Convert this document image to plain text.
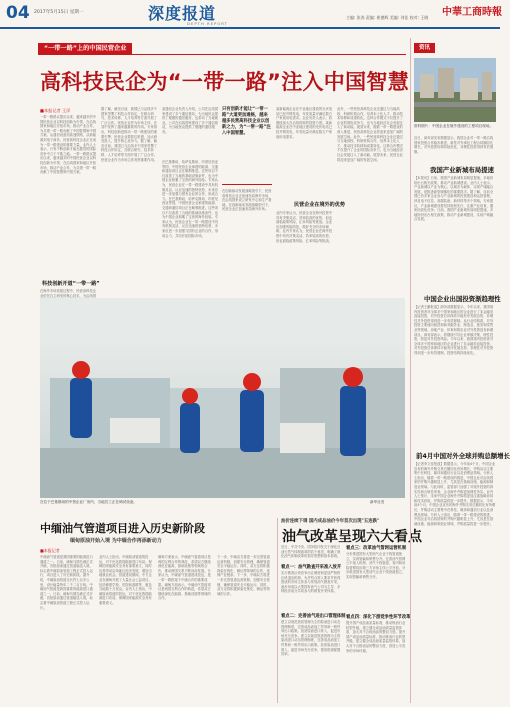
04 2017年5月15日 星期一	深度报道
DEPTH REPORT
中華工商時報
主编: 张涛 责编: 崔德辉 美编: 刘佳 校对: 王晓
“一带一路”上的中国民营企业
高科技民企为“一带一路”注入中国智慧
■本报记者 王洋
一带一路倡议提出以来，越来越多的中国民营企业以科技创新为引领，在沿线国家和地区开拓市场，推动产业合作，为共建一带一路贡献了中国智慧和中国方案。从通信设备到高速铁路，从新能源到电子商务，民营高科技企业正在成为一带一路建设的重要力量。业内人士表示，只有不断创新才能在激烈的国际竞争中立于不败之地。一带一路倡议提出以来，越来越多的中国民营企业以科技创新为引领，在沿线国家和地区开拓市场，推动产业合作，为共建一带一路贡献了中国智慧和中国方案。
科技创新开道“一带一路”
在海外市场拓展过程中，民营高科技企业依托自主研发的核心技术，为沿线国家提供高质量产品和服务，赢得了当地政府和民众的广泛认可。从通信设备到高速铁路，从新能源到电子商务，民营高科技企业正在成为一带一路建设的重要力量。业内人士表示，只有不断创新才能在激烈的国际竞争中立于不败之地。在海外市场拓展过程中，民营高科技企业依托自主研发的核心技术，为沿线国家提供高质量产品和服务，赢得了当地政府和民众的广泛认可。从通信设备到高速铁路，从新能源到电子商务，民营高科技企业正在成为重要力量。
据了解，截至目前，我国已与沿线多个国家签署了科技合作协定，在联合研究、技术转移、人才培养等方面开展了广泛合作。民营企业作为市场主体，在其中发挥了越来越重要的作用。专家指出，科技创新是推动一带一路建设的重要引擎，民营企业要抓住机遇，加大研发投入，提升核心竞争力。据了解，截至目前，我国已与沿线多个国家签署了科技合作协定，在联合研究、技术转移、人才培养等方面开展了广泛合作。民营企业作为市场主体发挥重要作用。
资金短缺和技术瓶颈曾是制约民营企业走出去的两大难题。近年来，随着丝路基金、亚投行等金融平台的设立，民营企业获得了更多融资渠道。同时，企业通过海外并购、设立研发中心等方式，不断增强技术实力。资金短缺和技术瓶颈曾是制约民营企业走出去的两大难题。近年来，随着丝路基金、亚投行等金融平台的设立，民营企业获得了更多融资渠道。同时，企业通过海外并购、设立研发中心等方式增强实力。
某通信企业负责人介绍，公司在沿线国家建设了多个通信基站，为当地民众提供了便捷的通信服务，也带动了当地就业。公司在沿线国家建设了多个通信基站，为当地民众提供了便捷的通信服务。
在巴基斯坦、哈萨克斯坦、印度尼西亚等国，中国民营企业承建的能源、交通和通信项目正在顺利推进。这些项目不仅改善了当地的基础设施条件，也为中国企业积累了宝贵的海外经验。专家认为，民营企业在一带一路建设中具有机制灵活、反应迅速的独特优势，未来应进一步加强与国有企业的合作，形成合力。在巴基斯坦、哈萨克斯坦、印度尼西亚等国，中国民营企业承建的能源、交通和通信项目正在顺利推进。这些项目不仅改善了当地的基础设施条件，也为中国企业积累了宝贵的海外经验。专家认为，民营企业在一带一路建设中具有机制灵活、反应迅速的独特优势，未来应进一步加强与国有企业的合作，形成合力，共同开拓国际市场。
只有创新才能让“一带一路”大道更加通畅，越来越多民营高科技企业以创新之力，为“一带一路”注入中国智慧。
在创新驱动发展战略指引下，民营高科技企业正加速布局海外市场，在沿线国家设立研发中心和生产基地。在创新驱动发展战略指引下，民营企业正加速布局海外市场。
某新能源企业在中亚地区建设的光伏电站已经并网发电，年发电量可满足数万户家庭用电需求。企业负责人表示，将继续加大在沿线国家的投资力度。某新能源企业在中亚地区建设的光伏电站已经并网发电，年发电量可满足数万户家庭用电需求。
民营企业在境外的优势
业内专家认为，民营企业在海外投资中具有决策灵活、效率较高的优势，但也面临政策风险、汇率风险等挑战。企业应加强风险防范，做好充分的市场调研。业内专家认为，民营企业在海外投资中具有决策灵活、效率较高的优势，但也面临政策风险、汇率风险等挑战。
此外，一些民营高科技企业还通过与当地高校、科研机构合作，培养本土化人才，推动技术转移和成果转化。这种合作模式不仅提升了企业的国际竞争力，也为当地经济社会发展注入了新动能。展望未来，随着一带一路建设的深入推进，民营高科技企业将迎来更加广阔的发展空间。此外，一些民营高科技企业还通过与当地高校、科研机构合作，培养本土化人才，推动技术转移和成果转化。这种合作模式不仅提升了企业的国际竞争力，也为当地经济社会发展注入了新动能。展望未来，民营企业将迎来更加广阔的发展空间。
在位于巴基斯坦的中资企业厂房内，当地员工正在调试设备。	新华社发
中缅油气管道项目进入历史新阶段
缅甸原油开始入境 为中缅合作再添新动力
■本报记者
中缅油气管道是我国重要的能源进口通道之一。日前，缅甸马德岛港正式开港，首批原油通过管道输送入境，标志着中缅原油管道工程正式投入运行，项目进入了历史新阶段。据介绍，中缅原油管道全长约七百多公里，设计输量每年二千二百万吨。中缅油气管道是我国重要的能源进口通道之一。日前，缅甸马德岛港正式开港，首批原油通过管道输送入境，标志着中缅原油管道工程正式投入运行。
业内人士指出，中缅原油管道的投运，对于优化我国能源进口布局、保障国家能源安全具有重要意义，同时也将带动沿线地区经济发展，增加当地就业机会。管道建设期间，中方企业在缅甸开展了大量社会公益项目，包括修建学校、医院和道路等，惠及当地数十万民众。业内人士指出，中缅原油管道的投运，对于优化我国能源进口布局、保障国家能源安全具有重要意义。
缅甸方面表示，中缅油气管道项目是两国互利合作的典范，希望双方继续深化在能源、基础设施等领域的合作，推动两国关系不断向前发展。专家认为，中缅油气管道建成投运，是一带一路框架下中缅合作的重要成果。缅甸方面表示，中缅油气管道项目是两国互利合作的典范，希望双方继续深化在能源、基础设施等领域的合作。
下一步，中缅双方将进一步完善管道运营机制，加强安全管理，确保管道安全平稳运行。同时，双方还将积极探索在炼化、储运等领域的合作，延伸产业链条。下一步，中缅双方将进一步完善管道运营机制，加强安全管理，确保管道安全平稳运行。同时，双方还将积极探索在炼化、储运等领域的合作。
油价连续下调 国内成品油价今年首次出现"五连跌"
油气改革呈现六大看点
近日，中共中央、国务院印发关于深化石油天然气体制改革的若干意见，明确了深化油气体制改革的指导思想和基本原则。
看点一：油气勘查开采准入放开
实行勘查区块竞争出让制度和更加严格的区块退出机制，允许符合准入要求并获得资质的市场主体参与常规油气勘查开采，逐步形成以大型国有油气公司为主导、多种经济成分共同参与的勘查开采体系。
看点二：完善油气进出口管理体制
建立以规范资质管理为主的原油进口动态管理制度，完善成品油加工贸易和一般贸易出口政策。放宽原油进口准入，促进市场充分竞争。建立以规范资质管理为主的原油进口动态管理制度，完善成品油加工贸易和一般贸易出口政策。放宽原油进口准入，促进市场充分竞争，提高资源配置效率。
看点三：改革油气管网运营机制
分步推进国有大型油气企业干线管道独立，实现管输和销售分开。完善油气管网公平接入机制，油气干线管道、省内和省际管网均向第三方市场主体公平开放。分步推进国有大型油气企业干线管道独立，实现管输和销售分开。
看点四：深化下游竞争性环节改革
提升国产成品油质量标准，推动炼油行业转型升级。建立健全成品油质量监管体系，加大对不合格油品的整治力度。提升国产成品油质量标准，推动炼油行业转型升级。建立健全成品油质量监管体系，加大对不合格油品的整治力度，营造公平竞争的市场环境。
资讯
资料图片：中国企业在境外建设的工程项目现场。
近日，商务部发布数据显示，我国企业对一带一路沿线国家投资合作稳步推进，新签对外承包工程合同额同比增长，对外投资结构持续优化，非理性投资得到有效遏制。
我国产业新城布局提速
【本报讯】日前，我国产业新城布局明显提速，多地纷纷出台相关政策，推动产业新城建设。业内人士表示，产业新城以产业为核心，以城市为载体，实现产城融合发展，是推进新型城镇化的重要抓手。据了解，目前全国已有多家企业参与产业新城的投资建设和运营管理，涉及电子信息、高端装备、新材料等多个领域。专家建议，产业新城建设要坚持规划先行，注重产业培育，避免同质化竞争。日前，我国产业新城布局明显提速，多地纷纷出台相关政策，推动产业新城建设，实现产城融合发展。
中国企业出国投资渐趋理性
【记者王鹏报道】商务部数据显示，今年以来，我国境内投资者对全球多个国家和地区的企业进行了非金融类直接投资，对外投资总体保持平稳有序发展态势，非理性对外投资得到进一步有效遏制。从行业结构看，对外投资主要流向租赁和商务服务业、制造业、批发和零售业等领域，房地产业、体育和娱乐业对外投资没有新增项目。商务部表示，将继续引导企业审慎决策、理性投资，防范对外投资风险。今年以来，我国境内投资者对全球多个国家和地区的企业进行了非金融类直接投资，对外投资总体保持平稳有序发展态势，非理性对外投资得到进一步有效遏制，投资结构持续优化。
前4月中国对外全球并购总额增长
【记者李文佳报道】数据显示，今年前4个月，中国企业宣布的海外并购交易总额同比有所增长，并购活动主要集中在科技、媒体和通信行业以及消费品领域。分析人士指出，随着一带一路建设的推进，中国企业对沿线国家的并购兴趣明显上升，尤其是在基础设施、能源和制造业领域。与此同时，监管部门加强了对境外投资的真实性和合规性审查，企业海外并购更加理性务实。业内人士预计，未来中国企业海外并购将更加注重战略协同和技术获取，并购质量将进一步提升。数据显示，今年前4个月，中国企业宣布的海外并购交易总额同比有所增长，并购活动主要集中在科技、媒体和通信行业以及消费品领域。分析人士指出，随着一带一路建设的推进，中国企业对沿线国家的并购兴趣明显上升，尤其是在基础设施、能源和制造业领域，并购质量将进一步提升。
